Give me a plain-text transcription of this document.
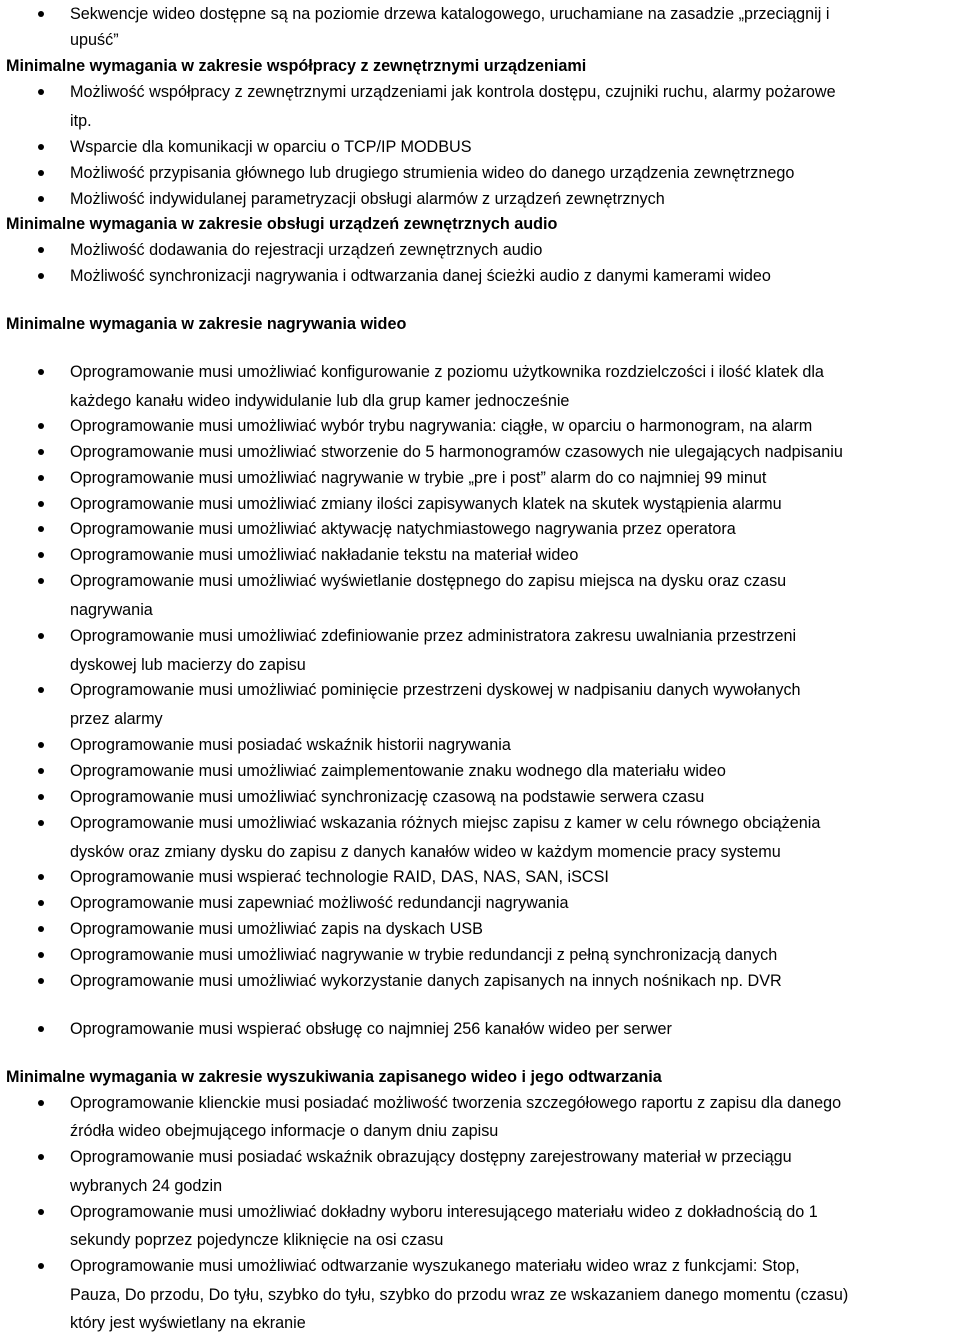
Sekwencje wideo dostępne są na poziomie drzewa katalogowego, uruchamiane na zasadzie „przeciągnij i
upuść”
Minimalne wymagania w zakresie współpracy z zewnętrznymi urządzeniami
Możliwość współpracy z zewnętrznymi urządzeniami jak kontrola dostępu, czujniki ruchu, alarmy pożarowe
itp.
Wsparcie dla komunikacji w oparciu o TCP/IP MODBUS
Możliwość przypisania głównego lub drugiego strumienia wideo do danego urządzenia zewnętrznego
Możliwość indywidulanej parametryzacji obsługi alarmów z urządzeń zewnętrznych
Minimalne wymagania w zakresie obsługi urządzeń zewnętrznych audio
Możliwość dodawania do rejestracji urządzeń zewnętrznych audio
Możliwość synchronizacji nagrywania i odtwarzania danej ścieżki audio z danymi kamerami wideo
Minimalne wymagania w zakresie nagrywania wideo
Oprogramowanie musi umożliwiać konfigurowanie z poziomu użytkownika rozdzielczości i ilość klatek dla
każdego kanału wideo indywidulanie lub dla grup kamer jednocześnie
Oprogramowanie musi umożliwiać wybór trybu nagrywania: ciągłe, w oparciu o harmonogram, na alarm
Oprogramowanie musi umożliwiać stworzenie do 5 harmonogramów czasowych nie ulegających nadpisaniu
Oprogramowanie musi umożliwiać nagrywanie w trybie „pre i post” alarm do co najmniej 99 minut
Oprogramowanie musi umożliwiać zmiany ilości zapisywanych klatek na skutek wystąpienia alarmu
Oprogramowanie musi umożliwiać aktywację natychmiastowego nagrywania przez operatora
Oprogramowanie musi umożliwiać nakładanie tekstu na materiał wideo
Oprogramowanie musi umożliwiać wyświetlanie dostępnego do zapisu miejsca na dysku oraz czasu
nagrywania
Oprogramowanie musi umożliwiać zdefiniowanie przez administratora zakresu uwalniania przestrzeni
dyskowej lub macierzy do zapisu
Oprogramowanie musi umożliwiać pominięcie przestrzeni dyskowej w nadpisaniu danych wywołanych
przez alarmy
Oprogramowanie musi posiadać wskaźnik historii nagrywania
Oprogramowanie musi umożliwiać zaimplementowanie znaku wodnego dla materiału wideo
Oprogramowanie musi umożliwiać synchronizację czasową na podstawie serwera czasu
Oprogramowanie musi umożliwiać wskazania różnych miejsc zapisu z kamer w celu równego obciążenia
dysków oraz zmiany dysku do zapisu z danych kanałów wideo w każdym momencie pracy systemu
Oprogramowanie musi wspierać technologie RAID, DAS, NAS, SAN, iSCSI
Oprogramowanie musi zapewniać możliwość redundancji nagrywania
Oprogramowanie musi umożliwiać zapis na dyskach USB
Oprogramowanie musi umożliwiać nagrywanie w trybie redundancji z pełną synchronizacją danych
Oprogramowanie musi umożliwiać wykorzystanie danych zapisanych na innych nośnikach np. DVR
Oprogramowanie musi wspierać obsługę co najmniej 256 kanałów wideo per serwer
Minimalne wymagania w zakresie wyszukiwania zapisanego wideo i jego odtwarzania
Oprogramowanie klienckie musi posiadać możliwość tworzenia szczegółowego raportu z zapisu dla danego
źródła wideo obejmującego informacje o danym dniu zapisu
Oprogramowanie musi posiadać wskaźnik obrazujący dostępny zarejestrowany materiał w przeciągu
wybranych 24 godzin
Oprogramowanie musi umożliwiać dokładny wyboru interesującego materiału wideo z dokładnością do 1
sekundy poprzez pojedyncze kliknięcie na osi czasu
Oprogramowanie musi umożliwiać odtwarzanie wyszukanego materiału wideo wraz z funkcjami: Stop,
Pauza, Do przodu, Do tyłu, szybko do tyłu, szybko do przodu wraz ze wskazaniem danego momentu (czasu)
który jest wyświetlany na ekranie
